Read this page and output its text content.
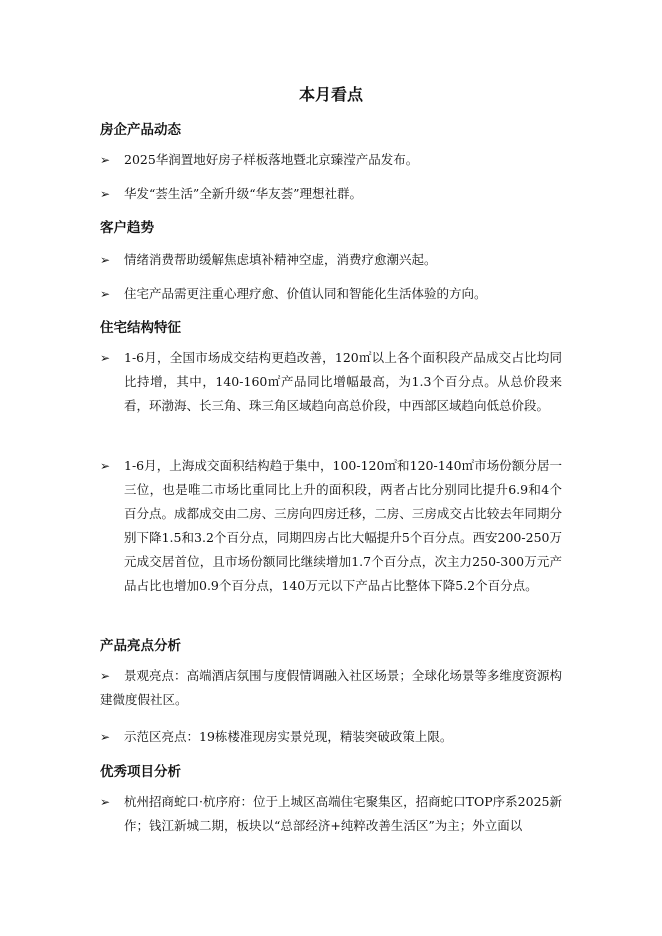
本月看点
房企产品动态
➢	2025华润置地好房子样板落地暨北京臻滢产品发布。
➢	华发“荟生活”全新升级“华友荟”理想社群。
客户趋势
➢	情绪消费帮助缓解焦虑填补精神空虚，消费疗愈潮兴起。
➢	住宅产品需更注重心理疗愈、价值认同和智能化生活体验的方向。
住宅结构特征
➢	1-6月，全国市场成交结构更趋改善，120㎡以上各个面积段产品成交占比均同比持增，其中，140-160㎡产品同比增幅最高，为1.3个百分点。从总价段来看，环渤海、长三角、珠三角区域趋向高总价段，中西部区域趋向低总价段。
➢	1-6月，上海成交面积结构趋于集中，100-120㎡和120-140㎡市场份额分居一三位，也是唯二市场比重同比上升的面积段，两者占比分别同比提升6.9和4个百分点。成都成交由二房、三房向四房迁移，二房、三房成交占比较去年同期分别下降1.5和3.2个百分点，同期四房占比大幅提升5个百分点。西安200-250万元成交居首位，且市场份额同比继续增加1.7个百分点，次主力250-300万元产品占比也增加0.9个百分点，140万元以下产品占比整体下降5.2个百分点。
产品亮点分析
➢	景观亮点：高端酒店氛围与度假情调融入社区场景；全球化场景等多维度资源构建微度假社区。
➢	示范区亮点：19栋楼准现房实景兑现，精装突破政策上限。
优秀项目分析
➢	杭州招商蛇口·杭序府：位于上城区高端住宅聚集区，招商蛇口TOP序系2025新作；钱江新城二期，板块以“总部经济+纯粹改善生活区”为主；外立面以
